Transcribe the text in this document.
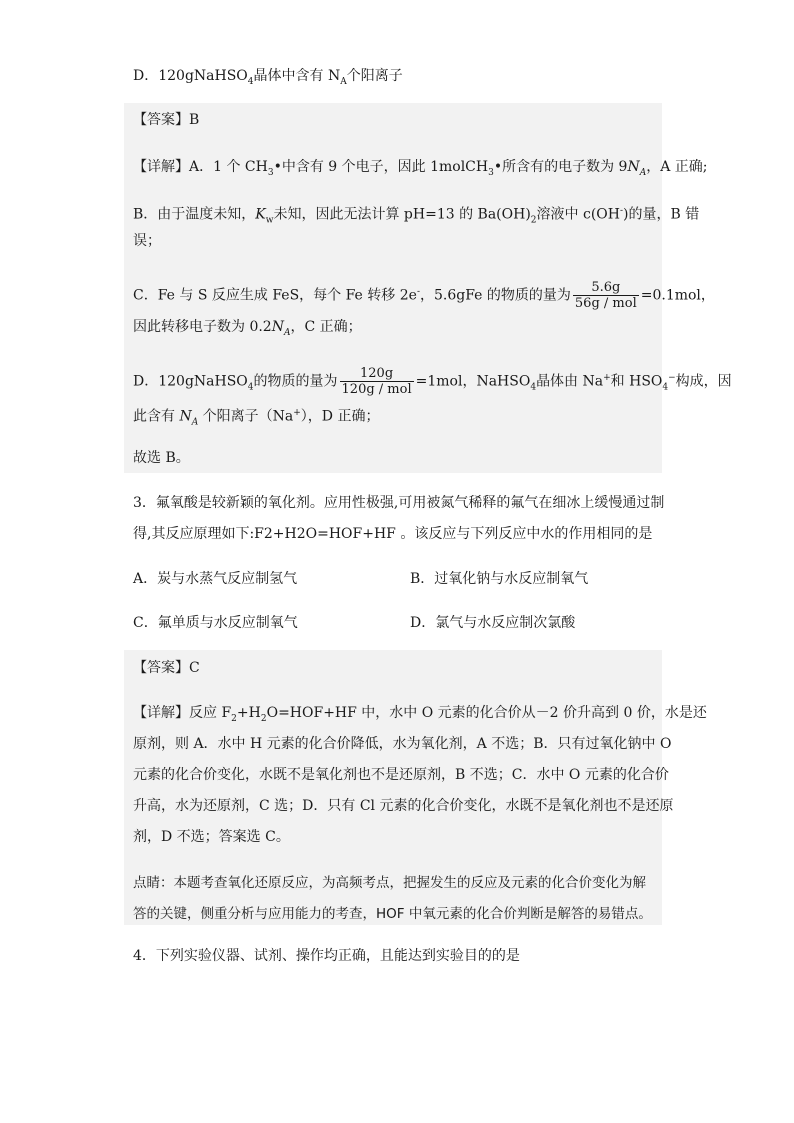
D．120gNaHSO$_4$晶体中含有 $N_A$个阳离子
【答案】B
【详解】A．1 个 $CH_3•$中含有 9 个电子，因此 1molCH$_3$•所含有的电子数为 $9N_A$，A 正确;
B．由于温度未知，$K_w$未知，因此无法计算 pH=13 的 $Ba(OH)_2$溶液中 c(OH-)的量，B 错
误；
C．Fe 与 S 反应生成 FeS，每个 Fe 转移 2e-，5.6gFe 的物质的量为 $\frac{5.6g}{\text{56g / mol}} =0.1mol$，
因此转移电子数为 $0.2N_A$，C 正确；
D．120gNaHSO$_4$的物质的量为 $\frac{120g}{\text{120g / mol}} =1mol$，NaHSO$_4$晶体由 Na+和 $HSO_4^-$构成，因
此含有 $N_A$ 个阳离子（Na+），D 正确；
故选 B。
3．氟氧酸是较新颖的氧化剂。应用性极强,可用被氮气稀释的氟气在细冰上缓慢通过制
得,其反应原理如下:F2+H2O=HOF+HF 。该反应与下列反应中水的作用相同的是
A．炭与水蒸气反应制氢气	B．过氧化钠与水反应制氧气
C．氟单质与水反应制氧气	D．氯气与水反应制次氯酸
【答案】C
【详解】反应 $F_2+H_2O=HOF+HF$ 中，水中 O 元素的化合价从－2 价升高到 0 价，水是还
原剂，则 A．水中 H 元素的化合价降低，水为氧化剂，A 不选；B．只有过氧化钠中 O
元素的化合价变化，水既不是氧化剂也不是还原剂，B 不选；C．水中 O 元素的化合价
升高，水为还原剂，C 选；D．只有 Cl 元素的化合价变化，水既不是氧化剂也不是还原
剂，D 不选；答案选 C。
点睛：本题考查氧化还原反应，为高频考点，把握发生的反应及元素的化合价变化为解
答的关键，侧重分析与应用能力的考查，HOF 中氧元素的化合价判断是解答的易错点。
4．下列实验仪器、试剂、操作均正确，且能达到实验目的的是
